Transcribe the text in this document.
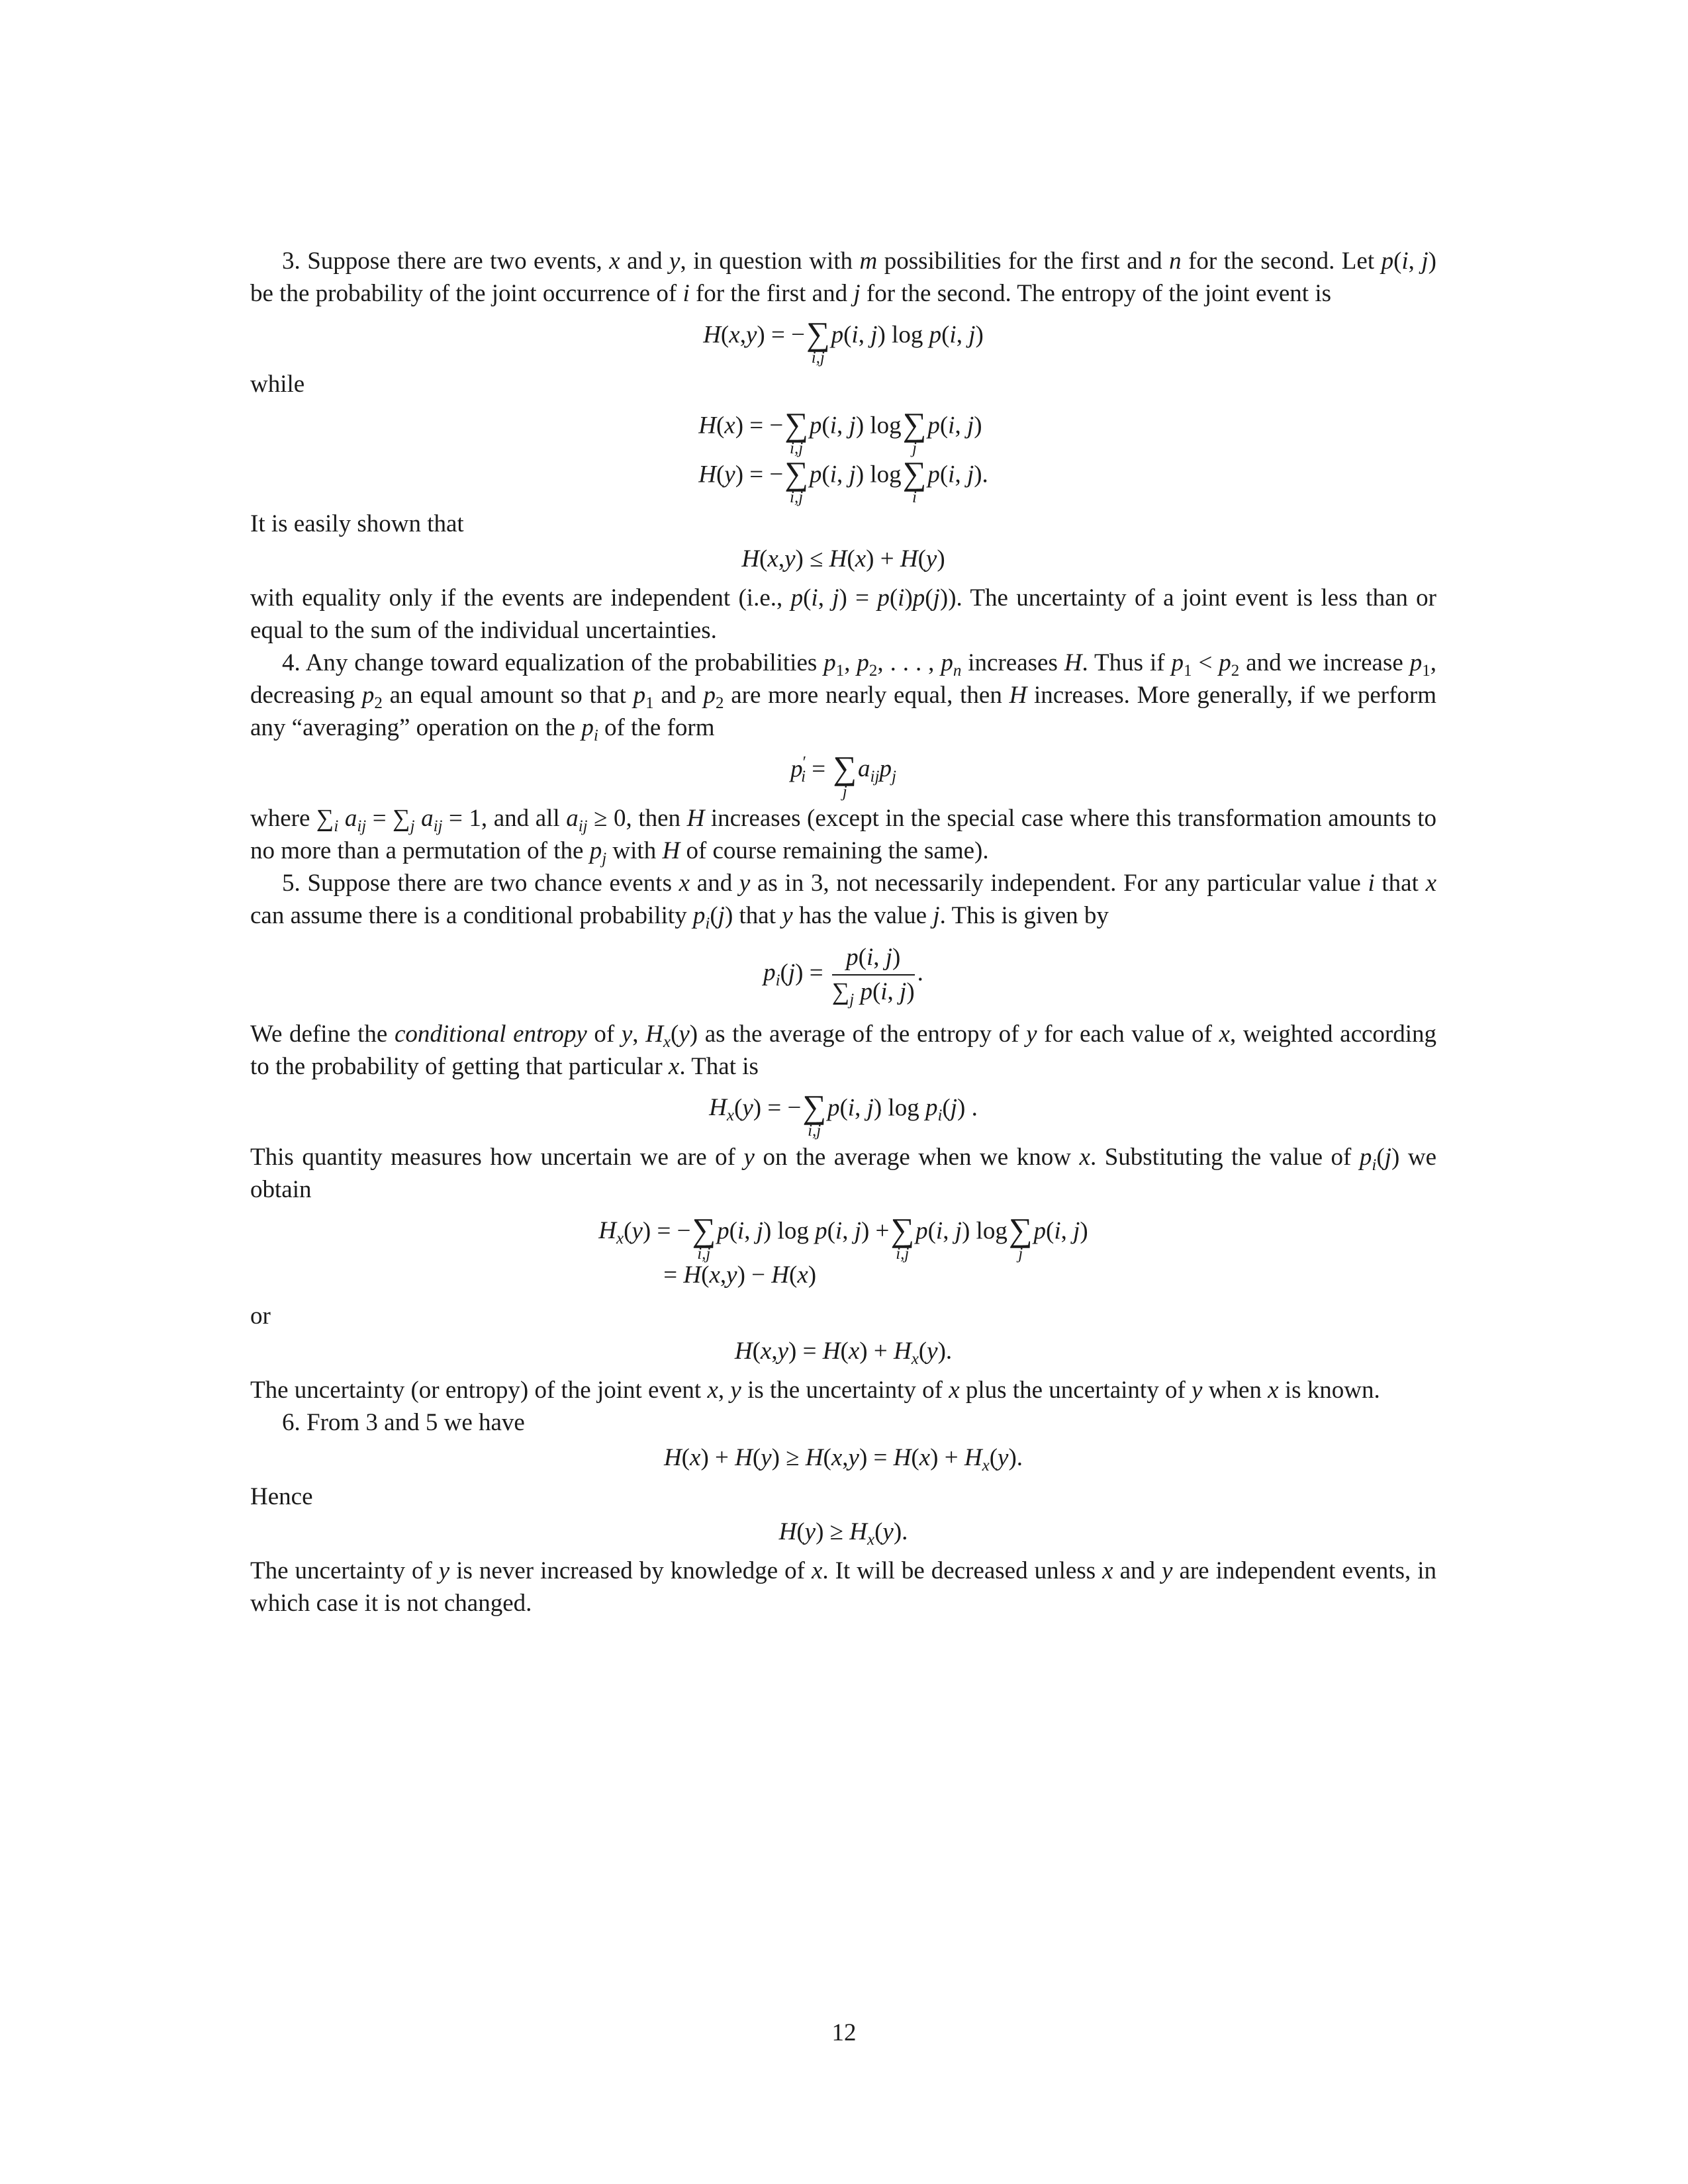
3. Suppose there are two events, x and y, in question with m possibilities for the first and n for the second. Let p(i, j) be the probability of the joint occurrence of i for the first and j for the second. The entropy of the joint event is

H(x,y) = − ∑
i,j
p(i, j) log p(i, j)

while

H(x) = − ∑
i,j
p(i, j) log ∑
j
p(i, j)
H(y) = − ∑
i,j
p(i, j) log ∑
i
p(i, j).

It is easily shown that

H(x,y) ≤ H(x) + H(y)

with equality only if the events are independent (i.e., p(i, j) = p(i)p(j)). The uncertainty of a joint event is less than or equal to the sum of the individual uncertainties.

4. Any change toward equalization of the probabilities $p_1$, $p_2$, . . . , $p_n$ increases H. Thus if $p_1 < p_2$ and we increase $p_1$, decreasing $p_2$ an equal amount so that $p_1$ and $p_2$ are more nearly equal, then H increases. More generally, if we perform any “averaging” operation on the $p_i$ of the form

$p'_i$ = ∑
j
$a_{ij}p_j$

where $\sum_i$ $a_{ij} = \sum_j$ $a_{ij} = 1$, and all $a_{ij} \ge 0$, then H increases (except in the special case where this transformation amounts to no more than a permutation of the $p_j$ with H of course remaining the same).

5. Suppose there are two chance events x and y as in 3, not necessarily independent. For any particular value i that x can assume there is a conditional probability $p_i(j)$ that y has the value j. This is given by

$p_i(j) = \frac{p(i, j)}{\sum_j p(i, j)}$ .

We define the conditional entropy of y, $H_x(y)$ as the average of the entropy of y for each value of x, weighted according to the probability of getting that particular x. That is

$H_x(y)$ = − ∑
i,j
p(i, j) $\log p_i(j)$ .

This quantity measures how uncertain we are of y on the average when we know x. Substituting the value of $p_i(j)$ we obtain

$H_x(y)$ = − ∑
i,j
p(i, j) log p(i, j) + ∑
i,j
p(i, j) log ∑
j
p(i, j)
= H(x,y) − H(x)

or

$H(x,y) = H(x) + H_x(y)$.

The uncertainty (or entropy) of the joint event x, y is the uncertainty of x plus the uncertainty of y when x is known.

6. From 3 and 5 we have

$H(x) + H(y) \ge H(x,y) = H(x) + H_x(y)$.

Hence

$H(y) \ge H_x(y)$.

The uncertainty of y is never increased by knowledge of x. It will be decreased unless x and y are independent events, in which case it is not changed.

12
